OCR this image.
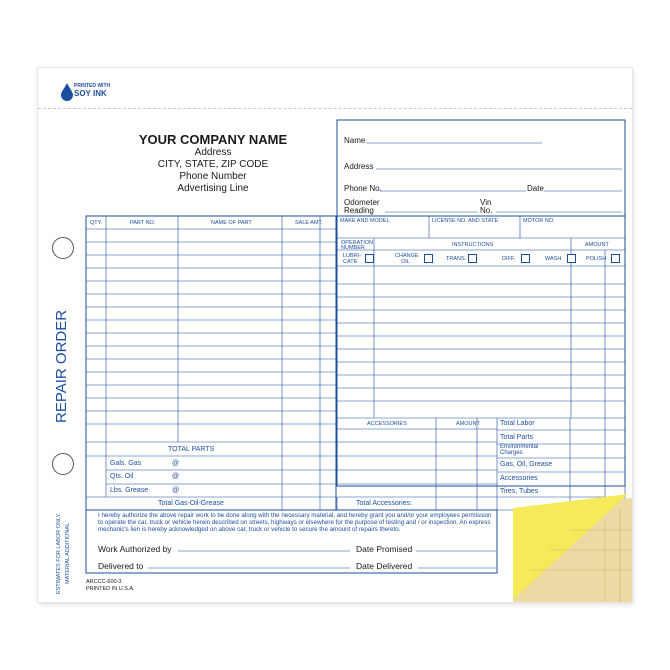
PRINTED WITH
SOY INK
YOUR COMPANY NAME
Address
CITY, STATE, ZIP CODE
Phone Number
Advertising Line
REPAIR ORDER
ESTIMATES FOR LABOR ONLY. MATERIAL ADDITIONAL
Name
Address
Phone No.	Date
Odometer
Reading
Vin
No.
MAKE AND MODEL	LICENSE NO. AND STATE	MOTOR NO.
OPERATION
NUMBER	INSTRUCTIONS	AMOUNT
LUBRI-
CATE
CHANGE
OIL	TRANS.	DIFF.	WASH	POLISH
QTY.	PART NO.	NAME OF PART	SALE AMT.
TOTAL PARTS
Gals. Gas	@
Qts. Oil	@
Lbs. Grease	@
Total Gas-Oil-Grease
ACCESSORIES	AMOUNT
Total Accessories:
Total Labor
Total Parts
Environmental
Charges
Gas, Oil, Grease
Accessories
Tires, Tubes
I hereby authorize the above repair work to be done along with the necessary material, and hereby grant you and/or your employees permission to operate the car, truck or vehicle herein described on streets, highways or elsewhere for the purpose of testing and / or inspection. An express mechanic's lien is hereby acknowledged on above car, truck or vehicle to secure the amount of repairs thereto.
Work Authorized by	Date Promised
Delivered to	Date Delivered
ARCCC-600-3
PRINTED IN U.S.A.
